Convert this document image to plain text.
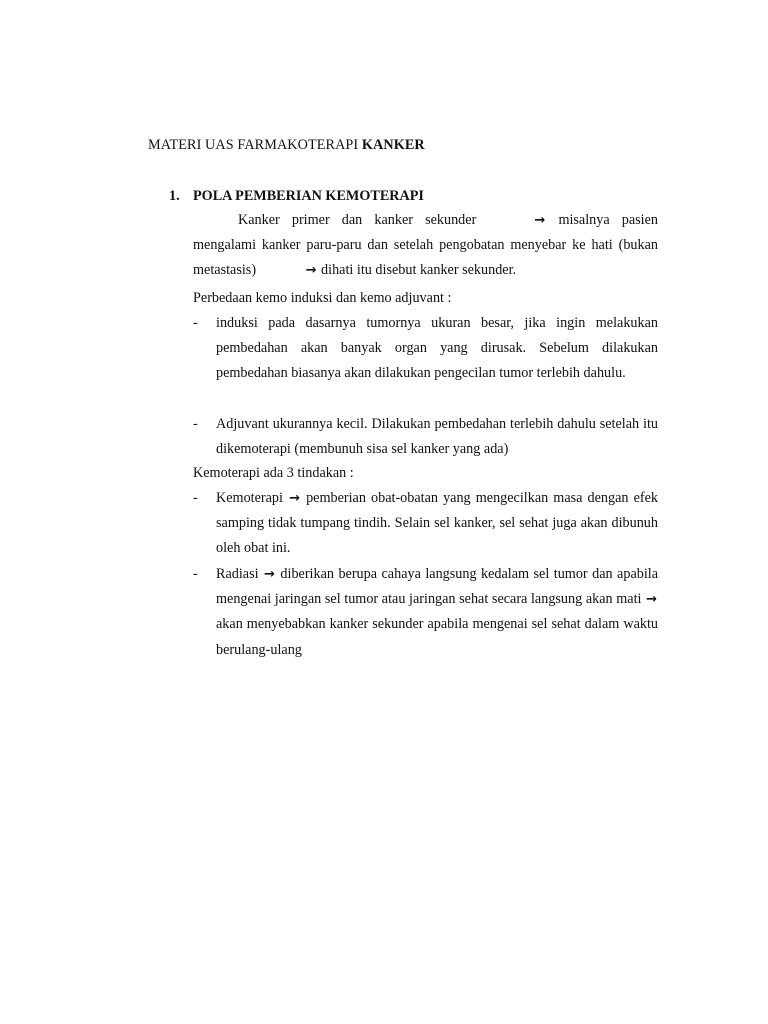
MATERI UAS FARMAKOTERAPI KANKER
1. POLA PEMBERIAN KEMOTERAPI
Kanker primer dan kanker sekunder	→ misalnya pasien mengalami kanker paru-paru dan setelah pengobatan menyebar ke hati (bukan metastasis)	→ dihati itu disebut kanker sekunder.
Perbedaan kemo induksi dan kemo adjuvant :
- induksi pada dasarnya tumornya ukuran besar, jika ingin melakukan pembedahan akan banyak organ yang dirusak. Sebelum dilakukan pembedahan biasanya akan dilakukan pengecilan tumor terlebih dahulu.
- Adjuvant ukurannya kecil. Dilakukan pembedahan terlebih dahulu setelah itu dikemoterapi (membunuh sisa sel kanker yang ada)
Kemoterapi ada 3 tindakan :
- Kemoterapi → pemberian obat-obatan yang mengecilkan masa dengan efek samping tidak tumpang tindih. Selain sel kanker, sel sehat juga akan dibunuh oleh obat ini.
- Radiasi → diberikan berupa cahaya langsung kedalam sel tumor dan apabila mengenai jaringan sel tumor atau jaringan sehat secara langsung akan mati → akan menyebabkan kanker sekunder apabila mengenai sel sehat dalam waktu berulang-ulang
